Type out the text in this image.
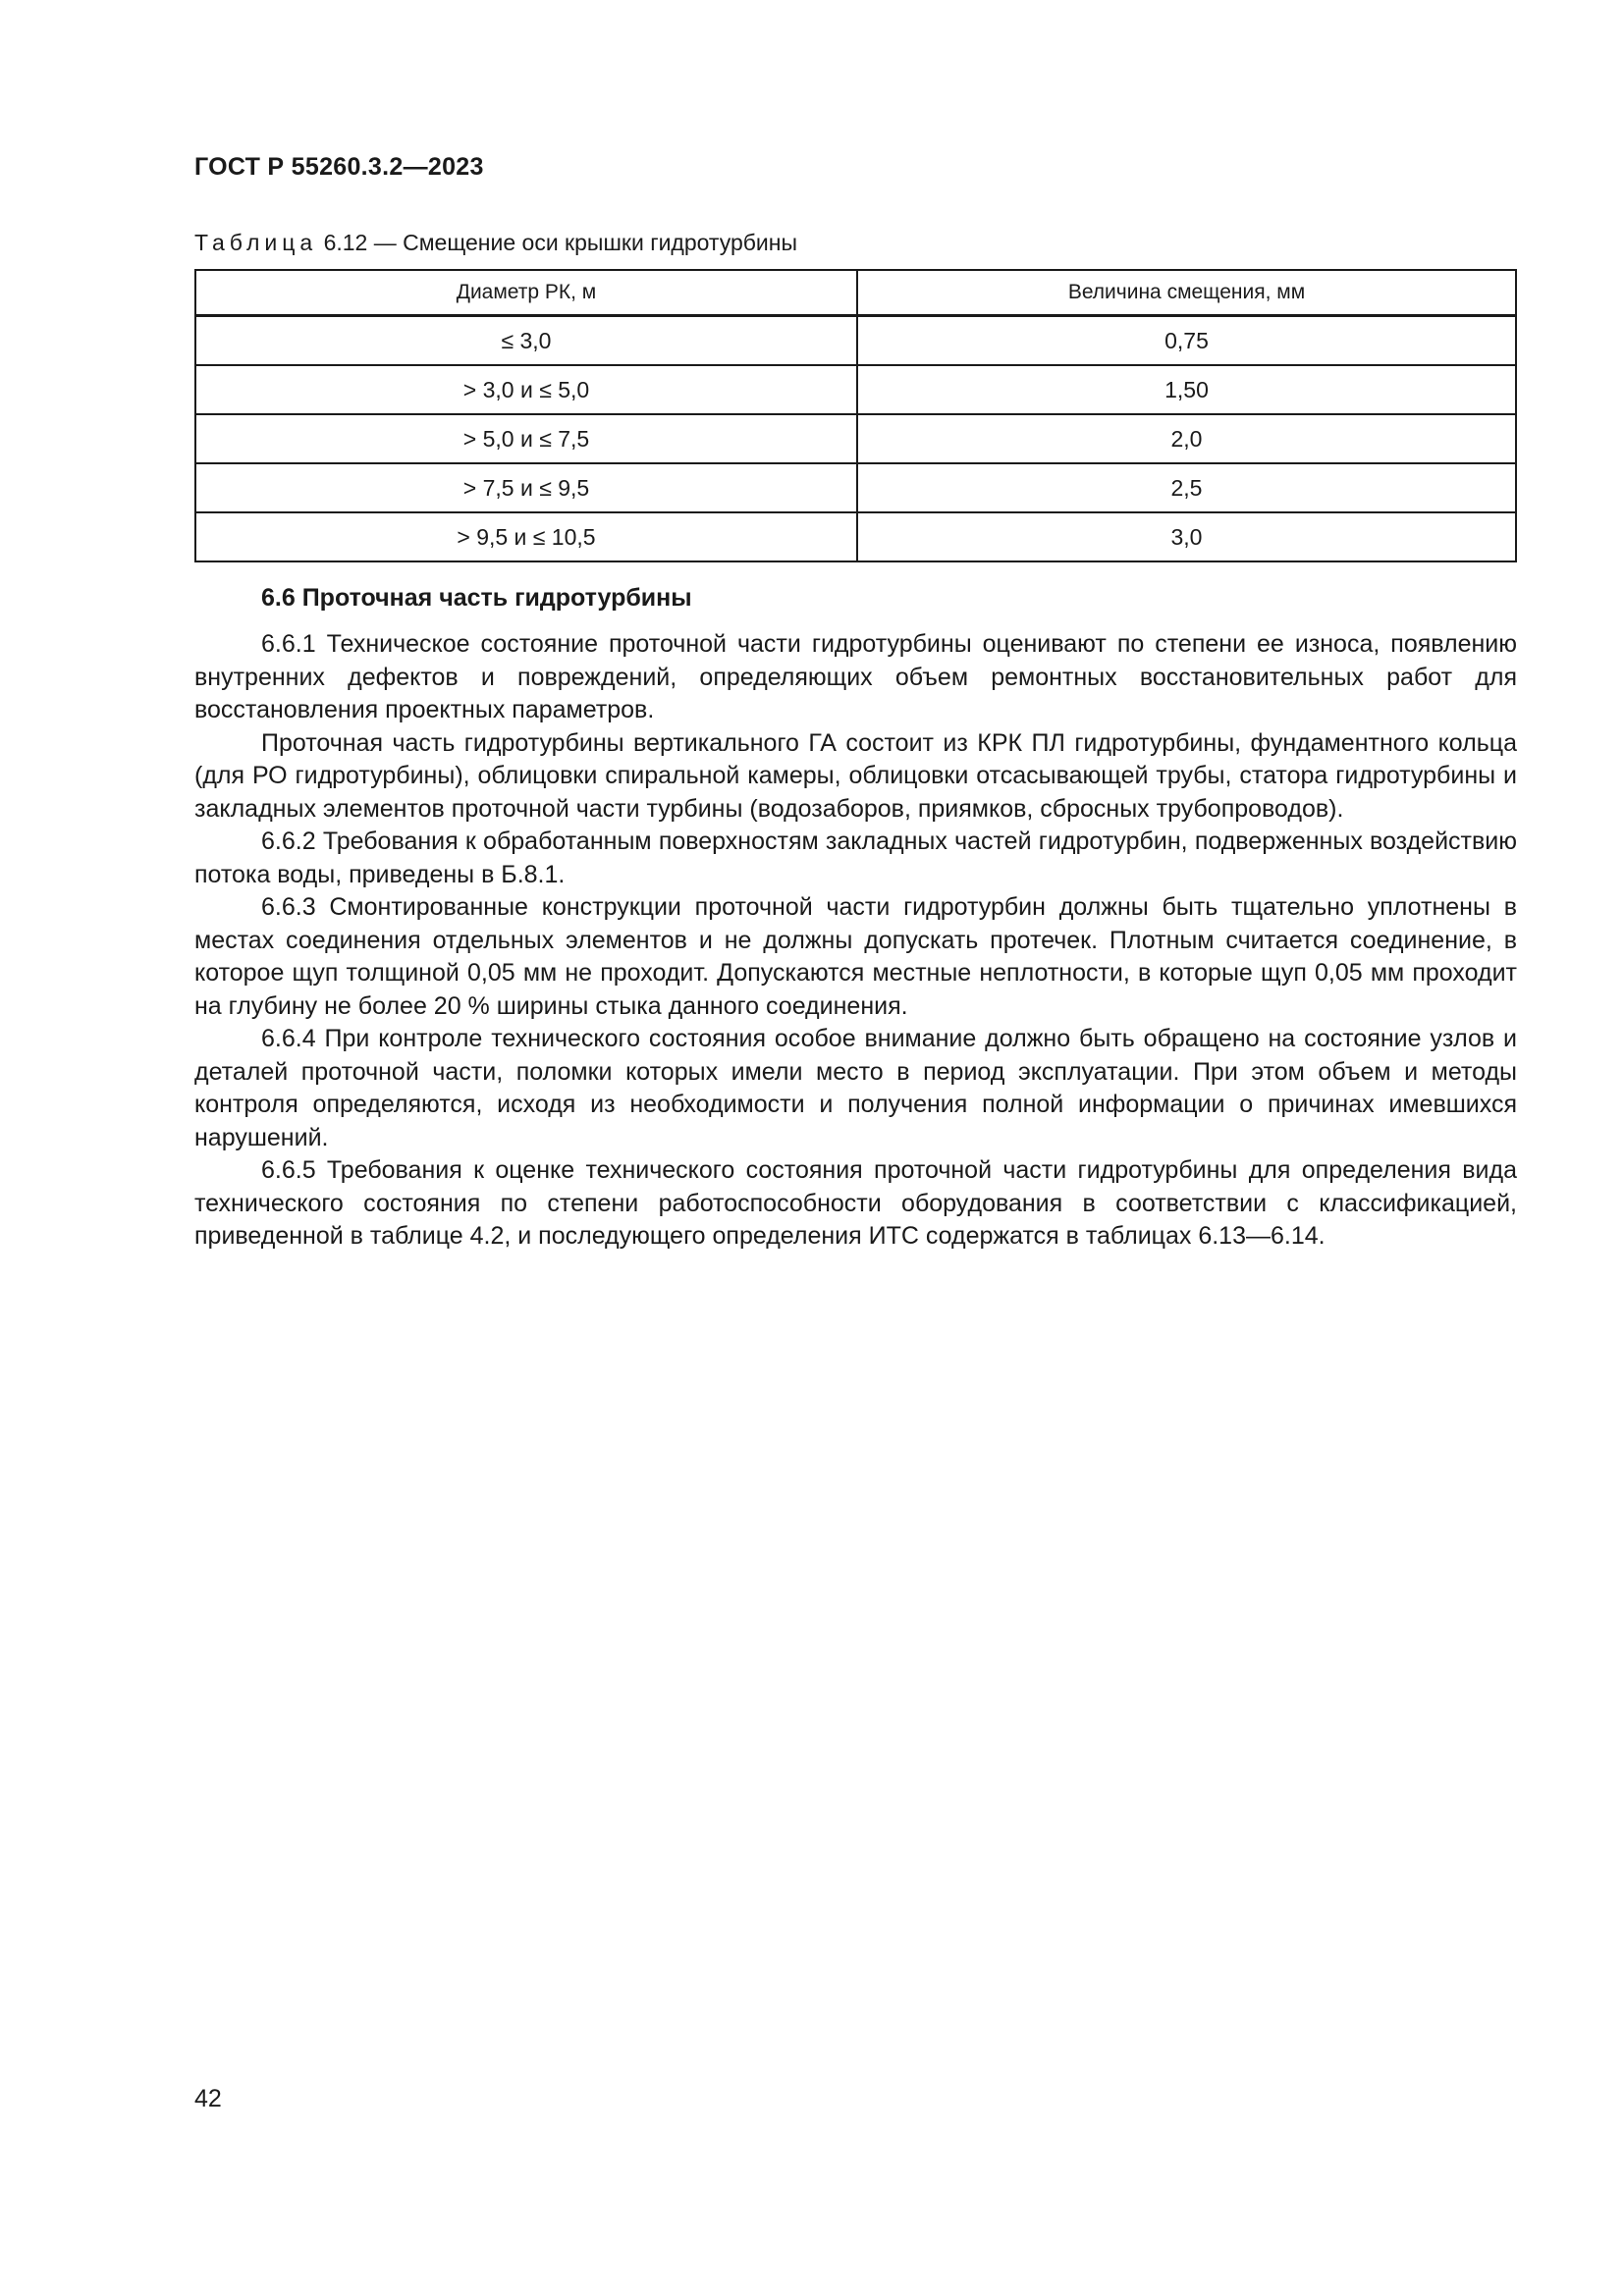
ГОСТ Р 55260.3.2—2023
Таблица 6.12 — Смещение оси крышки гидротурбины
Диаметр РК, м	Величина смещения, мм
≤ 3,0	0,75
> 3,0 и ≤ 5,0	1,50
> 5,0 и ≤ 7,5	2,0
> 7,5 и ≤ 9,5	2,5
> 9,5 и ≤ 10,5	3,0
6.6 Проточная часть гидротурбины

6.6.1 Техническое состояние проточной части гидротурбины оценивают по степени ее износа, появлению внутренних дефектов и повреждений, определяющих объем ремонтных восстановительных работ для восстановления проектных параметров.

Проточная часть гидротурбины вертикального ГА состоит из КРК ПЛ гидротурбины, фундаментного кольца (для РО гидротурбины), облицовки спиральной камеры, облицовки отсасывающей трубы, статора гидротурбины и закладных элементов проточной части турбины (водозаборов, приямков, сбросных трубопроводов).

6.6.2 Требования к обработанным поверхностям закладных частей гидротурбин, подверженных воздействию потока воды, приведены в Б.8.1.

6.6.3 Смонтированные конструкции проточной части гидротурбин должны быть тщательно уплотнены в местах соединения отдельных элементов и не должны допускать протечек. Плотным считается соединение, в которое щуп толщиной 0,05 мм не проходит. Допускаются местные неплотности, в которые щуп 0,05 мм проходит на глубину не более 20 % ширины стыка данного соединения.

6.6.4 При контроле технического состояния особое внимание должно быть обращено на состояние узлов и деталей проточной части, поломки которых имели место в период эксплуатации. При этом объем и методы контроля определяются, исходя из необходимости и получения полной информации о причинах имевшихся нарушений.

6.6.5 Требования к оценке технического состояния проточной части гидротурбины для определения вида технического состояния по степени работоспособности оборудования в соответствии с классификацией, приведенной в таблице 4.2, и последующего определения ИТС содержатся в таблицах 6.13—6.14.

42
